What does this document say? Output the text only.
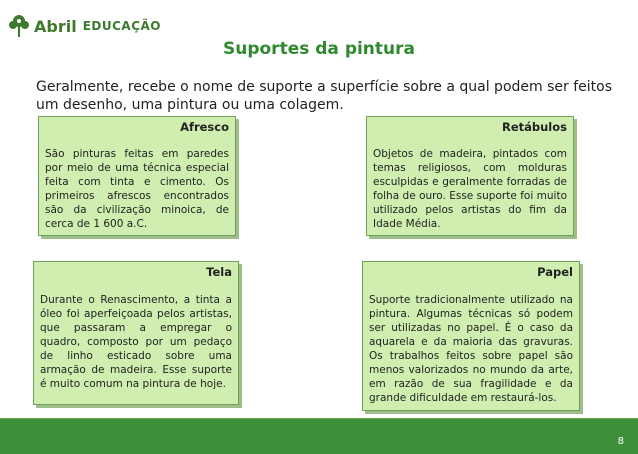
Abril EDUCAÇÃO
Suportes da pintura
Geralmente, recebe o nome de suporte a superfície sobre a qual podem ser feitos um desenho, uma pintura ou uma colagem.
Afresco
São pinturas feitas em paredes por meio de uma técnica especial feita com tinta e cimento. Os primeiros afrescos encontrados são da civilização minoica, de cerca de 1 600 a.C.
Retábulos
Objetos de madeira, pintados com temas religiosos, com molduras esculpidas e geralmente forradas de folha de ouro. Esse suporte foi muito utilizado pelos artistas do fim da Idade Média.
Tela
Durante o Renascimento, a tinta a óleo foi aperfeiçoada pelos artistas, que passaram a empregar o quadro, composto por um pedaço de linho esticado sobre uma armação de madeira. Esse suporte é muito comum na pintura de hoje.
Papel
Suporte tradicionalmente utilizado na pintura. Algumas técnicas só podem ser utilizadas no papel. É o caso da aquarela e da maioria das gravuras. Os trabalhos feitos sobre papel são menos valorizados no mundo da arte, em razão de sua fragilidade e da grande dificuldade em restaurá-los.
8
